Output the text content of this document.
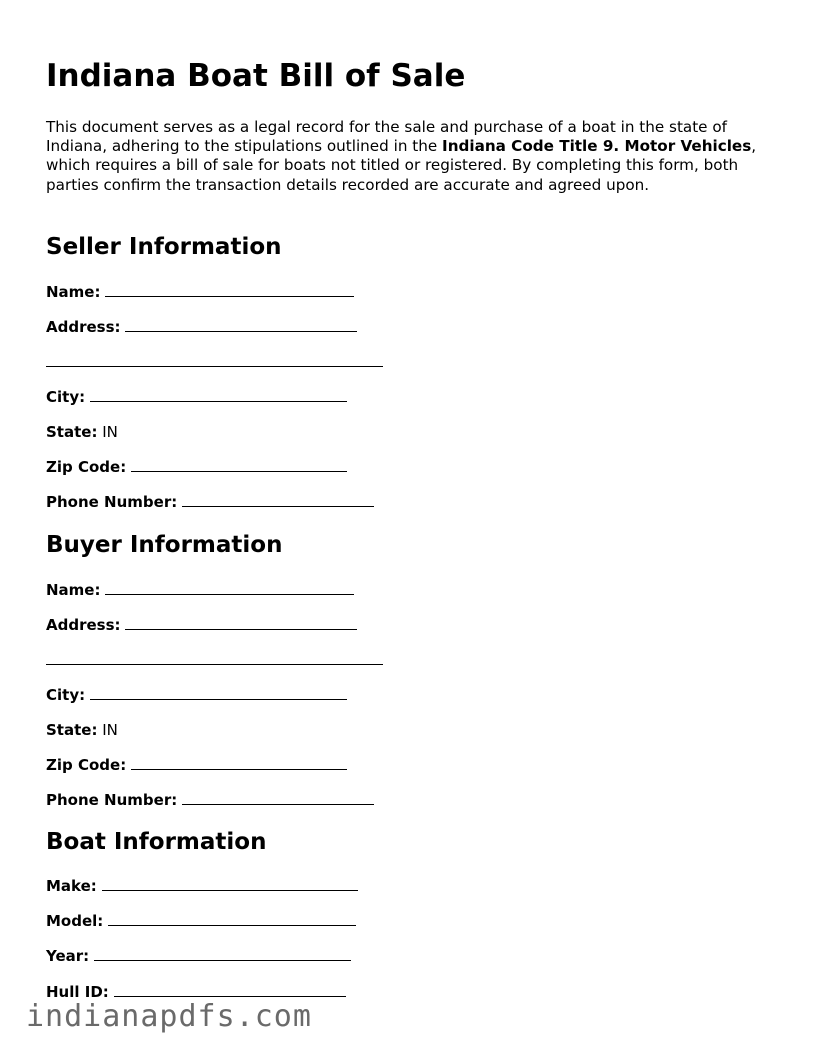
Indiana Boat Bill of Sale

This document serves as a legal record for the sale and purchase of a boat in the state of Indiana, adhering to the stipulations outlined in the Indiana Code Title 9. Motor Vehicles, which requires a bill of sale for boats not titled or registered. By completing this form, both parties confirm the transaction details recorded are accurate and agreed upon.

Seller Information
Name:
Address:
City:
State: IN
Zip Code:
Phone Number:
Buyer Information
Name:
Address:
City:
State: IN
Zip Code:
Phone Number:
Boat Information
Make:
Model:
Year:
Hull ID:
indianapdfs.com
